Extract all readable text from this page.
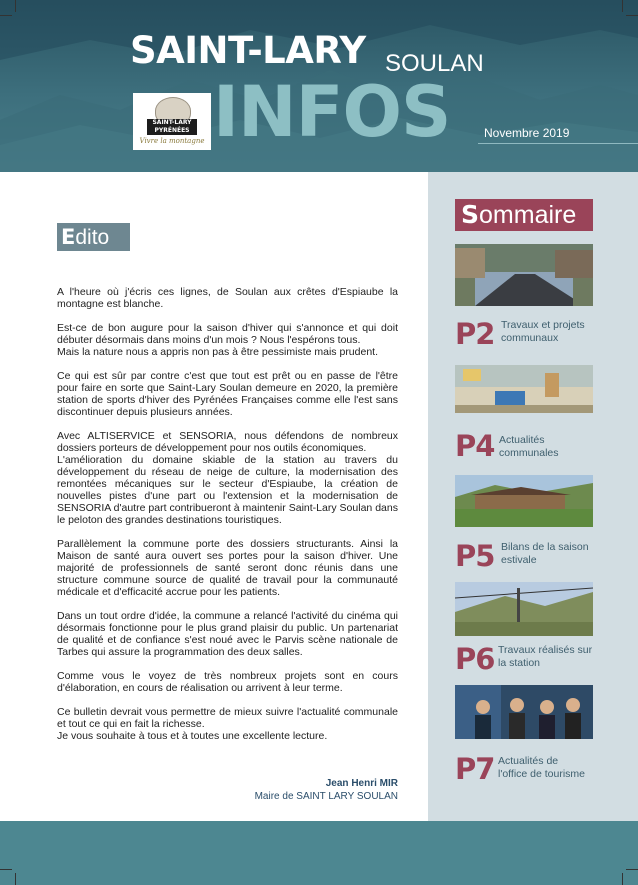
SAINT-LARY SOULAN
INFOS
SAINT-LARY
PYRÉNÉES
Vivre la montagne
Novembre 2019
Edito

A l'heure où j'écris ces lignes, de Soulan aux crêtes d'Espiaube la montagne est blanche.

Est-ce de bon augure pour la saison d'hiver qui s'annonce et qui doit débuter désormais dans moins d'un mois ? Nous l'espérons tous.
Mais la nature nous a appris non pas à être pessimiste mais prudent.

Ce qui est sûr par contre c'est que tout est prêt ou en passe de l'être pour faire en sorte que Saint-Lary Soulan demeure en 2020, la première station de sports d'hiver des Pyrénées Françaises comme elle l'est sans discontinuer depuis plusieurs années.

Avec ALTISERVICE et SENSORIA, nous défendons de nombreux dossiers porteurs de développement pour nos outils économiques.
L'amélioration du domaine skiable de la station au travers du développement du réseau de neige de culture, la modernisation des remontées mécaniques sur le secteur d'Espiaube, la création de nouvelles pistes d'une part ou l'extension et la modernisation de SENSORIA d'autre part contribueront à maintenir Saint-Lary Soulan dans le peloton des grandes destinations touristiques.

Parallèlement la commune porte des dossiers structurants. Ainsi la Maison de santé aura ouvert ses portes pour la saison d'hiver. Une majorité de professionnels de santé seront donc réunis dans une structure commune source de qualité de travail pour la communauté médicale et d'efficacité accrue pour les patients.

Dans un tout ordre d'idée, la commune a relancé l'activité du cinéma qui désormais fonctionne pour le plus grand plaisir du public. Un partenariat de qualité et de confiance s'est noué avec le Parvis scène nationale de Tarbes qui assure la programmation des deux salles.

Comme vous le voyez de très nombreux projets sont en cours d'élaboration, en cours de réalisation ou arrivent à leur terme.

Ce bulletin devrait vous permettre de mieux suivre l'actualité communale et tout ce qui en fait la richesse.
Je vous souhaite à tous et à toutes une excellente lecture.

Jean Henri MIR
Maire de SAINT LARY SOULAN
Sommaire
P2 Travaux et projets
communaux
P4 Actualités
communales
P5 Bilans de la saison
estivale
P6 Travaux réalisés sur
la station
P7 Actualités de
l'office de tourisme
